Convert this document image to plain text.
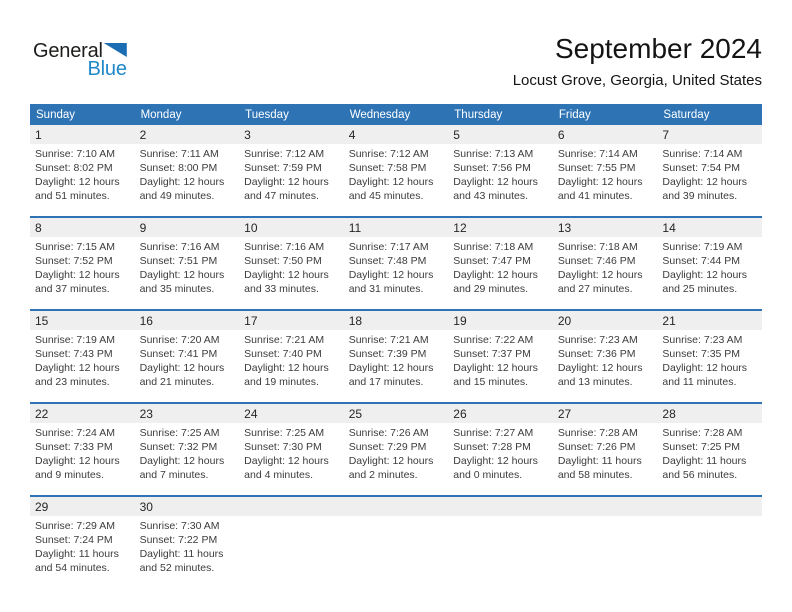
General
Blue
September 2024
Locust Grove, Georgia, United States
Sunday	Monday	Tuesday	Wednesday	Thursday	Friday	Saturday
1	2	3	4	5	6	7
Sunrise: 7:10 AM
Sunset: 8:02 PM
Daylight: 12 hours and 51 minutes.
Sunrise: 7:11 AM
Sunset: 8:00 PM
Daylight: 12 hours and 49 minutes.
Sunrise: 7:12 AM
Sunset: 7:59 PM
Daylight: 12 hours and 47 minutes.
Sunrise: 7:12 AM
Sunset: 7:58 PM
Daylight: 12 hours and 45 minutes.
Sunrise: 7:13 AM
Sunset: 7:56 PM
Daylight: 12 hours and 43 minutes.
Sunrise: 7:14 AM
Sunset: 7:55 PM
Daylight: 12 hours and 41 minutes.
Sunrise: 7:14 AM
Sunset: 7:54 PM
Daylight: 12 hours and 39 minutes.
8	9	10	11	12	13	14
Sunrise: 7:15 AM
Sunset: 7:52 PM
Daylight: 12 hours and 37 minutes.
Sunrise: 7:16 AM
Sunset: 7:51 PM
Daylight: 12 hours and 35 minutes.
Sunrise: 7:16 AM
Sunset: 7:50 PM
Daylight: 12 hours and 33 minutes.
Sunrise: 7:17 AM
Sunset: 7:48 PM
Daylight: 12 hours and 31 minutes.
Sunrise: 7:18 AM
Sunset: 7:47 PM
Daylight: 12 hours and 29 minutes.
Sunrise: 7:18 AM
Sunset: 7:46 PM
Daylight: 12 hours and 27 minutes.
Sunrise: 7:19 AM
Sunset: 7:44 PM
Daylight: 12 hours and 25 minutes.
15	16	17	18	19	20	21
Sunrise: 7:19 AM
Sunset: 7:43 PM
Daylight: 12 hours and 23 minutes.
Sunrise: 7:20 AM
Sunset: 7:41 PM
Daylight: 12 hours and 21 minutes.
Sunrise: 7:21 AM
Sunset: 7:40 PM
Daylight: 12 hours and 19 minutes.
Sunrise: 7:21 AM
Sunset: 7:39 PM
Daylight: 12 hours and 17 minutes.
Sunrise: 7:22 AM
Sunset: 7:37 PM
Daylight: 12 hours and 15 minutes.
Sunrise: 7:23 AM
Sunset: 7:36 PM
Daylight: 12 hours and 13 minutes.
Sunrise: 7:23 AM
Sunset: 7:35 PM
Daylight: 12 hours and 11 minutes.
22	23	24	25	26	27	28
Sunrise: 7:24 AM
Sunset: 7:33 PM
Daylight: 12 hours and 9 minutes.
Sunrise: 7:25 AM
Sunset: 7:32 PM
Daylight: 12 hours and 7 minutes.
Sunrise: 7:25 AM
Sunset: 7:30 PM
Daylight: 12 hours and 4 minutes.
Sunrise: 7:26 AM
Sunset: 7:29 PM
Daylight: 12 hours and 2 minutes.
Sunrise: 7:27 AM
Sunset: 7:28 PM
Daylight: 12 hours and 0 minutes.
Sunrise: 7:28 AM
Sunset: 7:26 PM
Daylight: 11 hours and 58 minutes.
Sunrise: 7:28 AM
Sunset: 7:25 PM
Daylight: 11 hours and 56 minutes.
29	30
Sunrise: 7:29 AM
Sunset: 7:24 PM
Daylight: 11 hours and 54 minutes.
Sunrise: 7:30 AM
Sunset: 7:22 PM
Daylight: 11 hours and 52 minutes.
